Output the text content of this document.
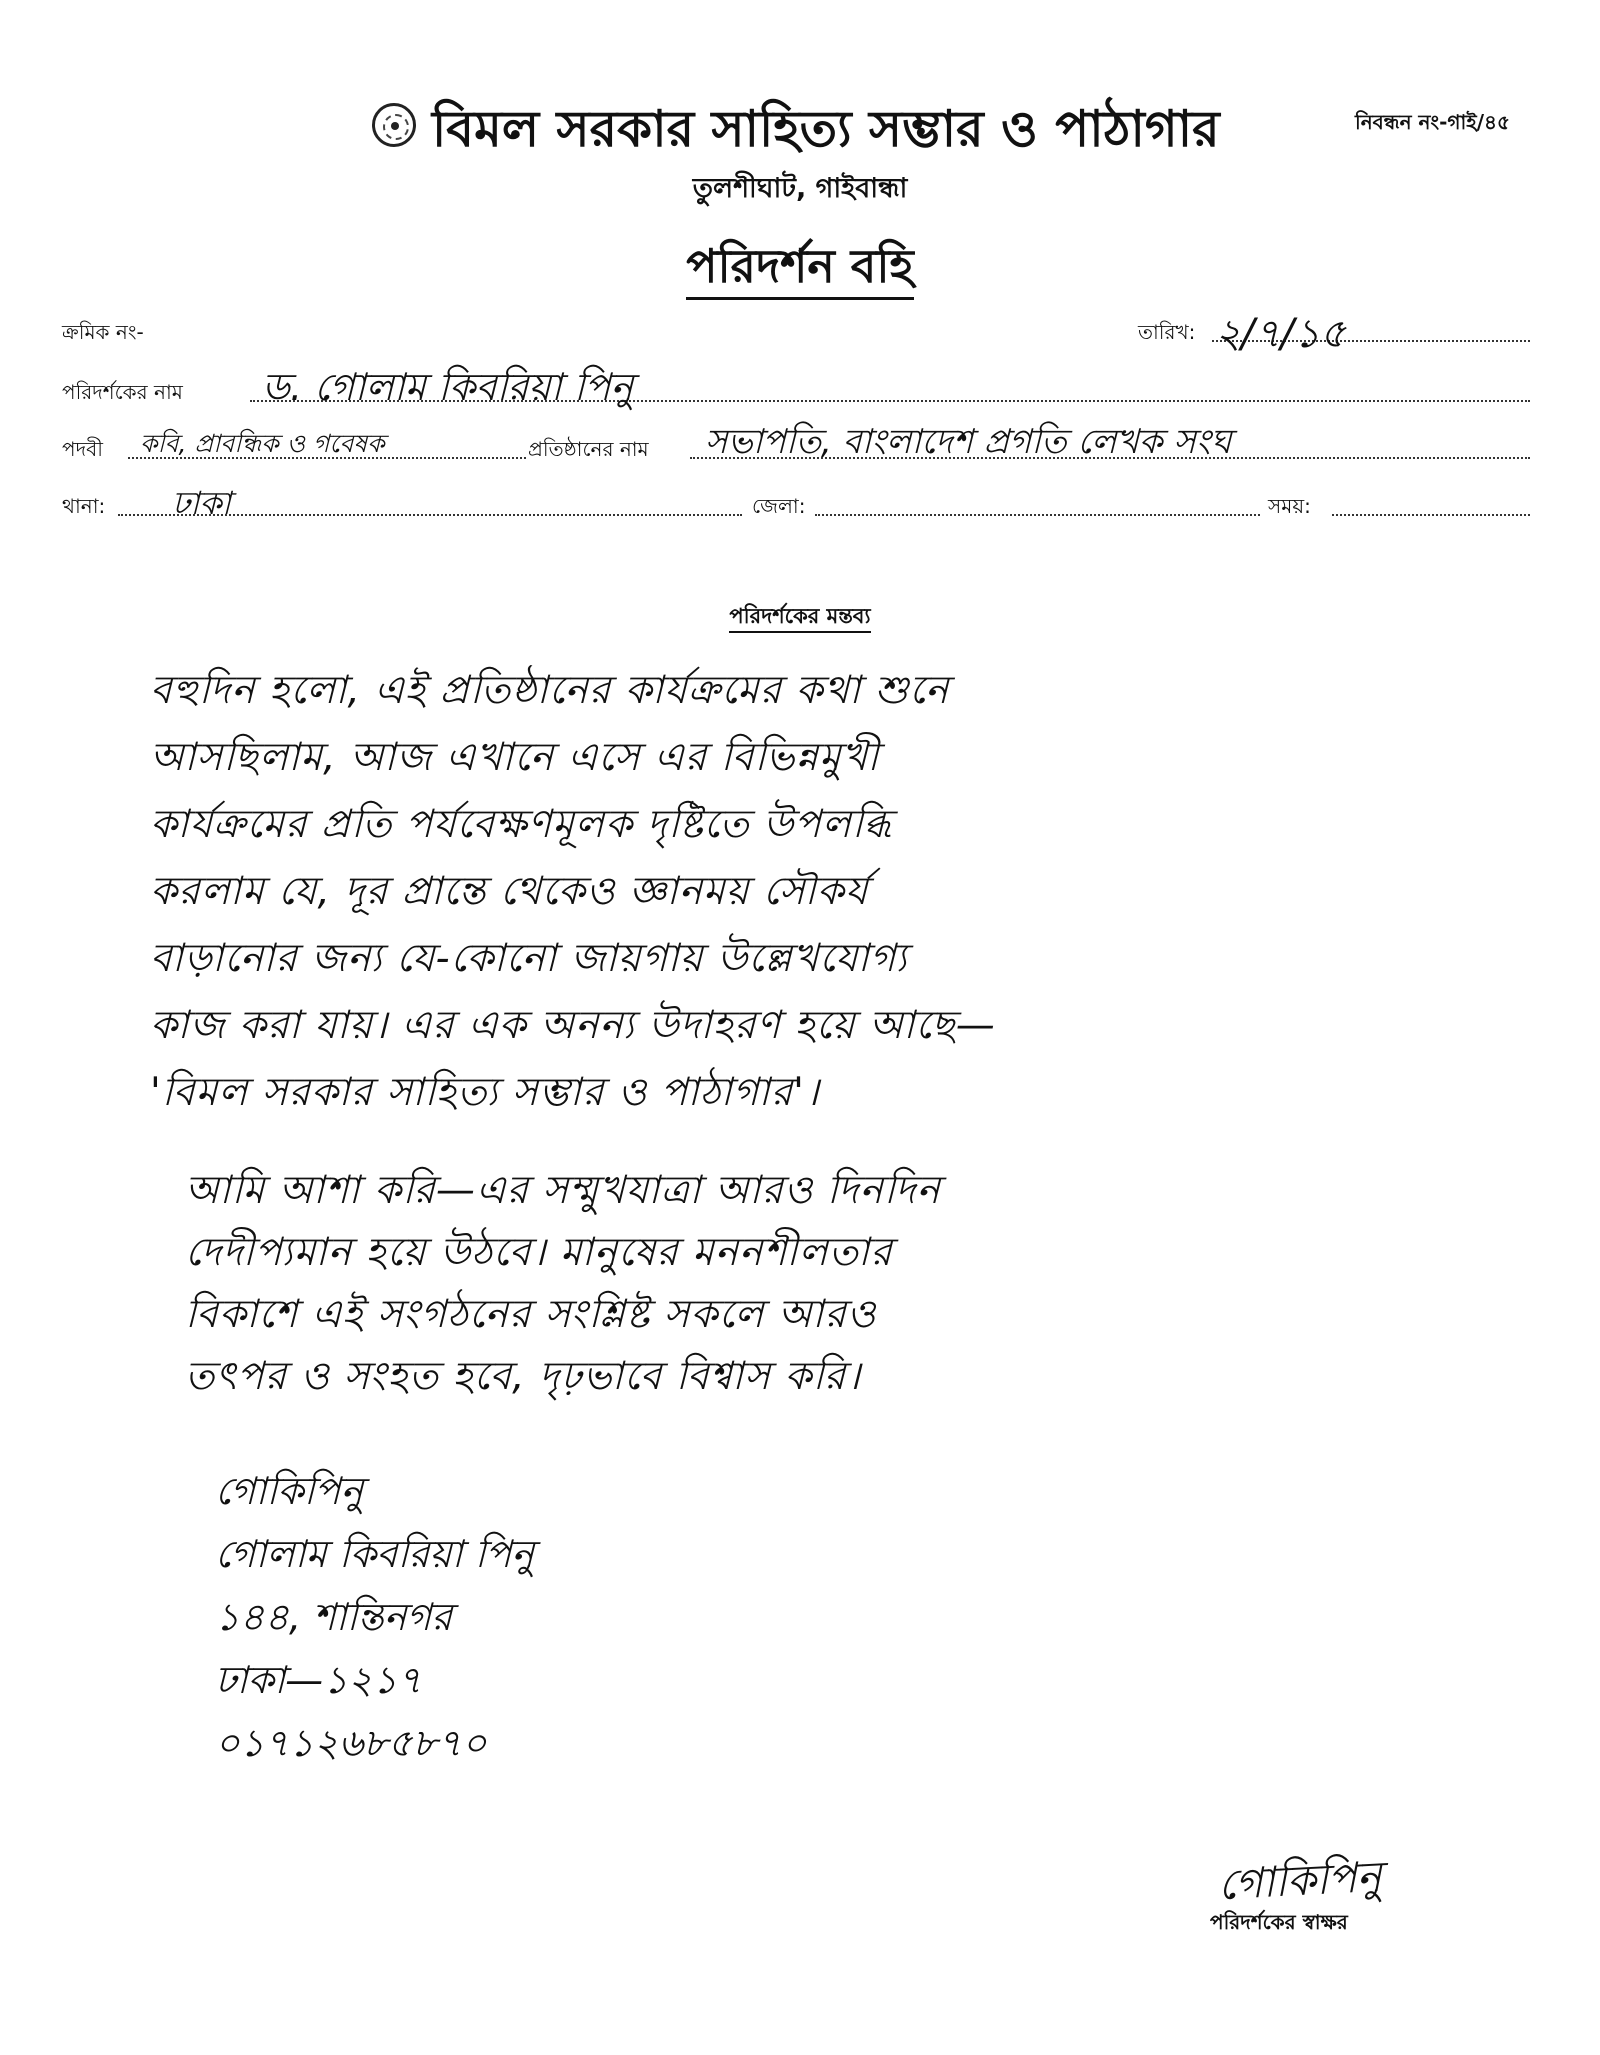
বিমল সরকার সাহিত্য সম্ভার ও পাঠাগার	নিবন্ধন নং-গাই/৪৫
তুলশীঘাট, গাইবান্ধা
পরিদর্শন বহি
ক্রমিক নং-	তারিখ: ২/৭/১৫
পরিদর্শকের নাম ড. গোলাম কিবরিয়া পিনু
পদবী কবি, প্রাবন্ধিক ও গবেষক	প্রতিষ্ঠানের নাম সভাপতি, বাংলাদেশ প্রগতি লেখক সংঘ
থানা: ঢাকা	জেলা:	সময়:
পরিদর্শকের মন্তব্য
বহুদিন হলো, এই প্রতিষ্ঠানের কার্যক্রমের কথা শুনে
আসছিলাম, আজ এখানে এসে এর বিভিন্নমুখী
কার্যক্রমের প্রতি পর্যবেক্ষণমূলক দৃষ্টিতে উপলব্ধি
করলাম যে, দূর প্রান্তে থেকেও জ্ঞানময় সৌকর্য
বাড়ানোর জন্য যে-কোনো জায়গায় উল্লেখযোগ্য
কাজ করা যায়। এর এক অনন্য উদাহরণ হয়ে আছে—
'বিমল সরকার সাহিত্য সম্ভার ও পাঠাগার'।
আমি আশা করি—এর সম্মুখযাত্রা আরও দিনদিন
দেদীপ্যমান হয়ে উঠবে। মানুষের মননশীলতার
বিকাশে এই সংগঠনের সংশ্লিষ্ট সকলে আরও
তৎপর ও সংহত হবে, দৃঢ়ভাবে বিশ্বাস করি।
গোকিপিনু
গোলাম কিবরিয়া পিনু
১৪৪, শান্তিনগর
ঢাকা—১২১৭
০১৭১২৬৮৫৮৭০
গোকিপিনু
পরিদর্শকের স্বাক্ষর
